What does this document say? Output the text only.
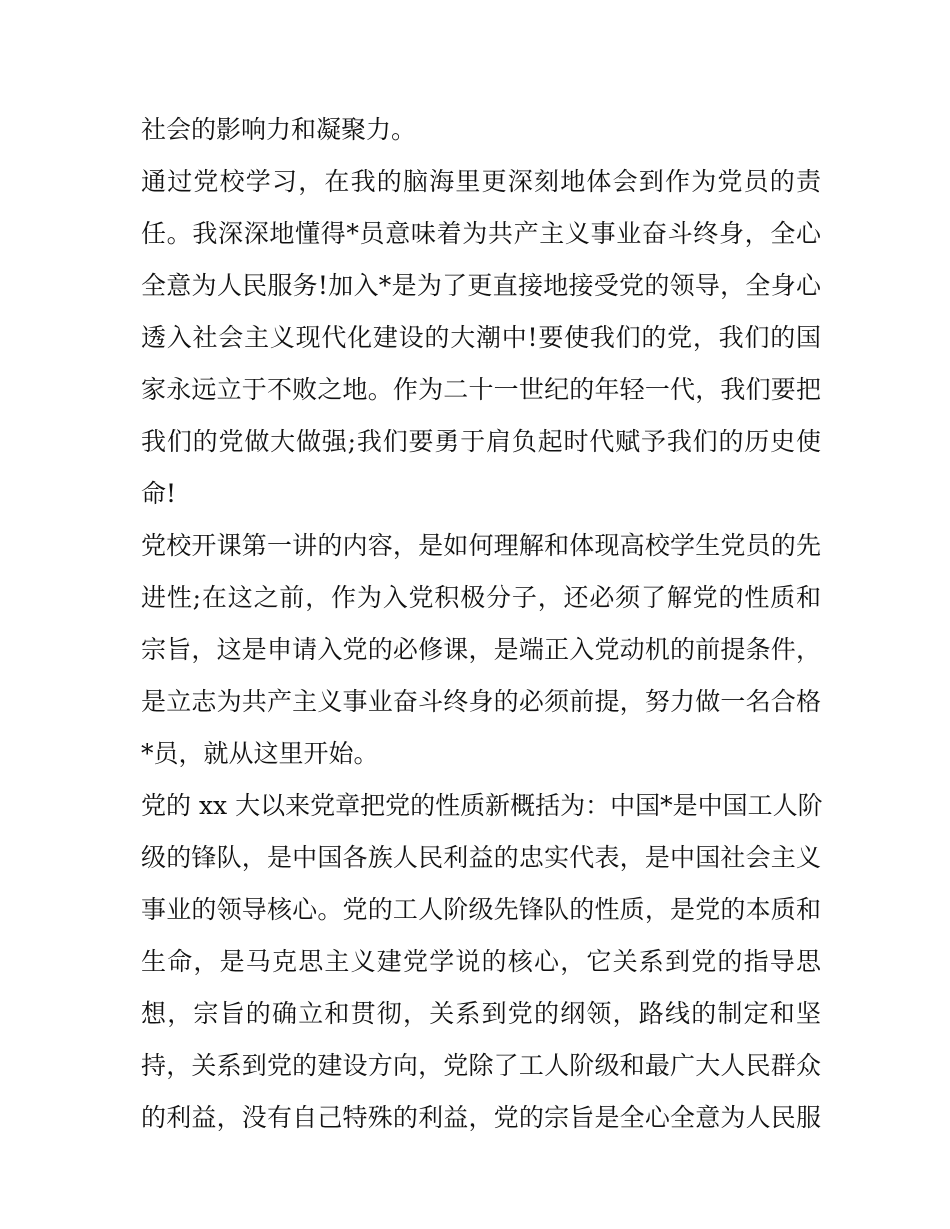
社会的影响力和凝聚力。
通过党校学习，在我的脑海里更深刻地体会到作为党员的责
任。我深深地懂得*员意味着为共产主义事业奋斗终身，全心
全意为人民服务!加入*是为了更直接地接受党的领导，全身心
透入社会主义现代化建设的大潮中!要使我们的党，我们的国
家永远立于不败之地。作为二十一世纪的年轻一代，我们要把
我们的党做大做强;我们要勇于肩负起时代赋予我们的历史使
命!
党校开课第一讲的内容，是如何理解和体现高校学生党员的先
进性;在这之前，作为入党积极分子，还必须了解党的性质和
宗旨，这是申请入党的必修课，是端正入党动机的前提条件，
是立志为共产主义事业奋斗终身的必须前提，努力做一名合格
*员，就从这里开始。
党的 xx 大以来党章把党的性质新概括为：中国*是中国工人阶
级的锋队，是中国各族人民利益的忠实代表，是中国社会主义
事业的领导核心。党的工人阶级先锋队的性质，是党的本质和
生命，是马克思主义建党学说的核心，它关系到党的指导思
想，宗旨的确立和贯彻，关系到党的纲领，路线的制定和坚
持，关系到党的建设方向，党除了工人阶级和最广大人民群众
的利益，没有自己特殊的利益，党的宗旨是全心全意为人民服
